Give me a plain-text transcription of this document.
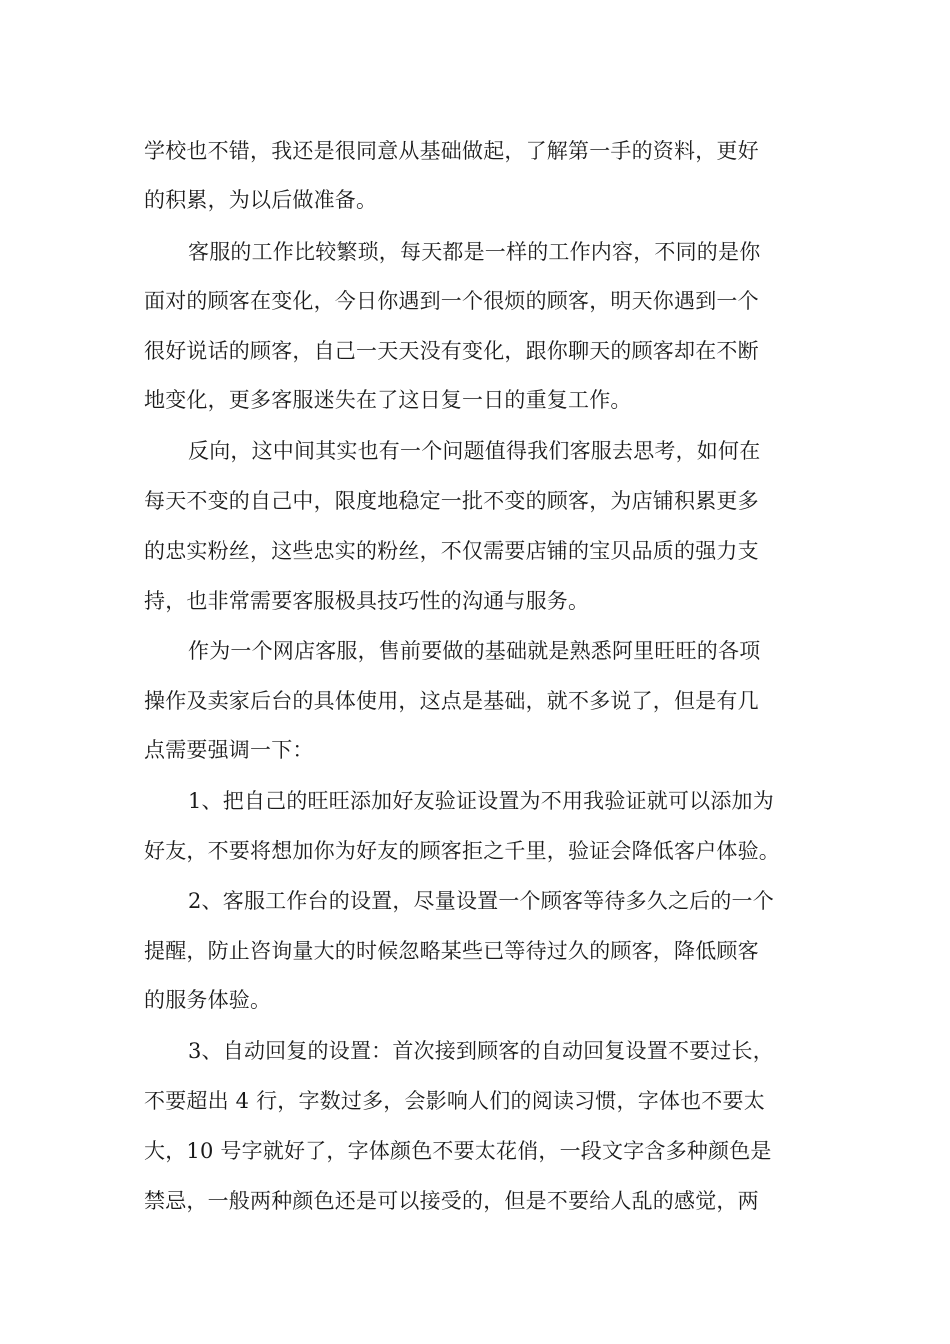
学校也不错，我还是很同意从基础做起，了解第一手的资料，更好
的积累，为以后做准备。
客服的工作比较繁琐，每天都是一样的工作内容，不同的是你
面对的顾客在变化，今日你遇到一个很烦的顾客，明天你遇到一个
很好说话的顾客，自己一天天没有变化，跟你聊天的顾客却在不断
地变化，更多客服迷失在了这日复一日的重复工作。
反向，这中间其实也有一个问题值得我们客服去思考，如何在
每天不变的自己中，限度地稳定一批不变的顾客，为店铺积累更多
的忠实粉丝，这些忠实的粉丝，不仅需要店铺的宝贝品质的强力支
持，也非常需要客服极具技巧性的沟通与服务。
作为一个网店客服，售前要做的基础就是熟悉阿里旺旺的各项
操作及卖家后台的具体使用，这点是基础，就不多说了，但是有几
点需要强调一下：
1、把自己的旺旺添加好友验证设置为不用我验证就可以添加为
好友，不要将想加你为好友的顾客拒之千里，验证会降低客户体验。
2、客服工作台的设置，尽量设置一个顾客等待多久之后的一个
提醒，防止咨询量大的时候忽略某些已等待过久的顾客，降低顾客
的服务体验。
3、自动回复的设置：首次接到顾客的自动回复设置不要过长，
不要超出 4 行，字数过多，会影响人们的阅读习惯，字体也不要太
大，10 号字就好了，字体颜色不要太花俏，一段文字含多种颜色是
禁忌，一般两种颜色还是可以接受的，但是不要给人乱的感觉，两
